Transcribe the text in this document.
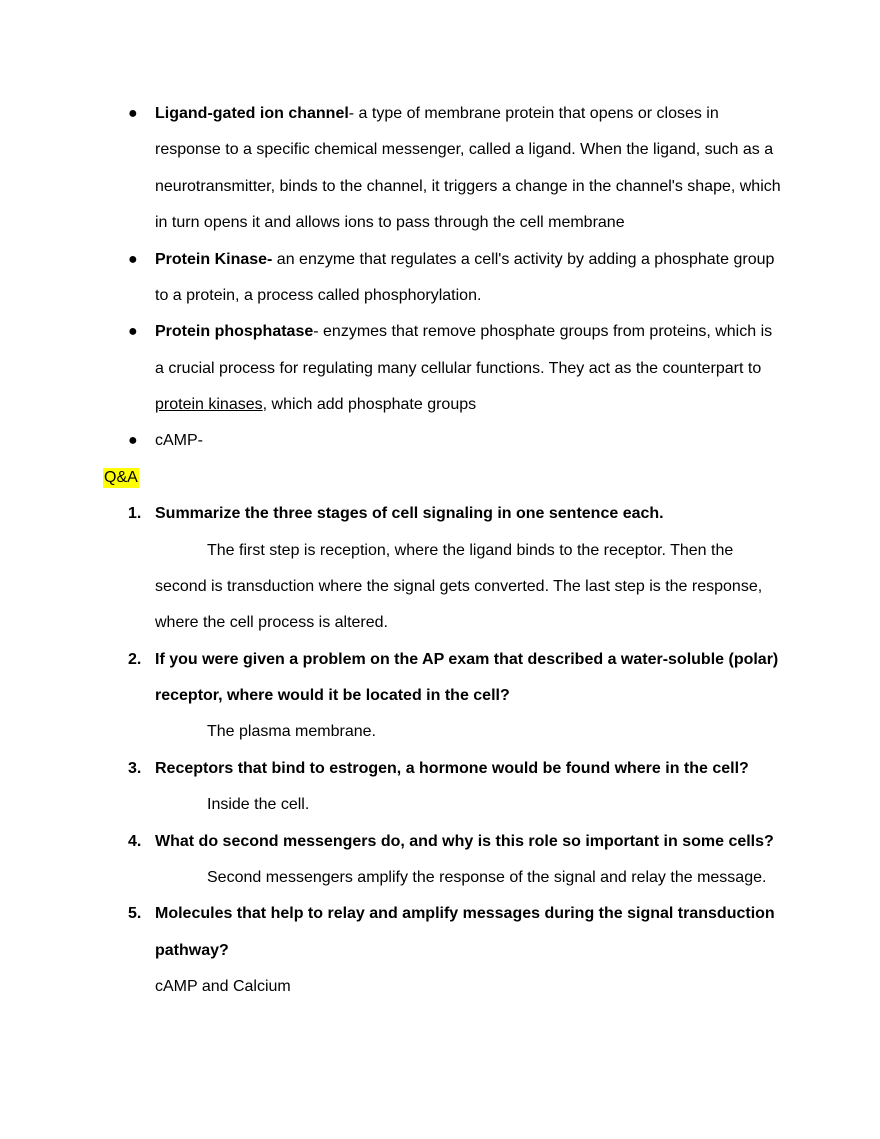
● Ligand-gated ion channel- a type of membrane protein that opens or closes in
response to a specific chemical messenger, called a ligand. When the ligand, such as a
neurotransmitter, binds to the channel, it triggers a change in the channel's shape, which
in turn opens it and allows ions to pass through the cell membrane
● Protein Kinase- an enzyme that regulates a cell's activity by adding a phosphate group
to a protein, a process called phosphorylation.
● Protein phosphatase- enzymes that remove phosphate groups from proteins, which is
a crucial process for regulating many cellular functions. They act as the counterpart to
protein kinases, which add phosphate groups
● cAMP-
Q&A
1. Summarize the three stages of cell signaling in one sentence each.
The first step is reception, where the ligand binds to the receptor. Then the
second is transduction where the signal gets converted. The last step is the response,
where the cell process is altered.
2. If you were given a problem on the AP exam that described a water-soluble (polar)
receptor, where would it be located in the cell?
The plasma membrane.
3. Receptors that bind to estrogen, a hormone would be found where in the cell?
Inside the cell.
4. What do second messengers do, and why is this role so important in some cells?
Second messengers amplify the response of the signal and relay the message.
5. Molecules that help to relay and amplify messages during the signal transduction
pathway?
cAMP and Calcium
